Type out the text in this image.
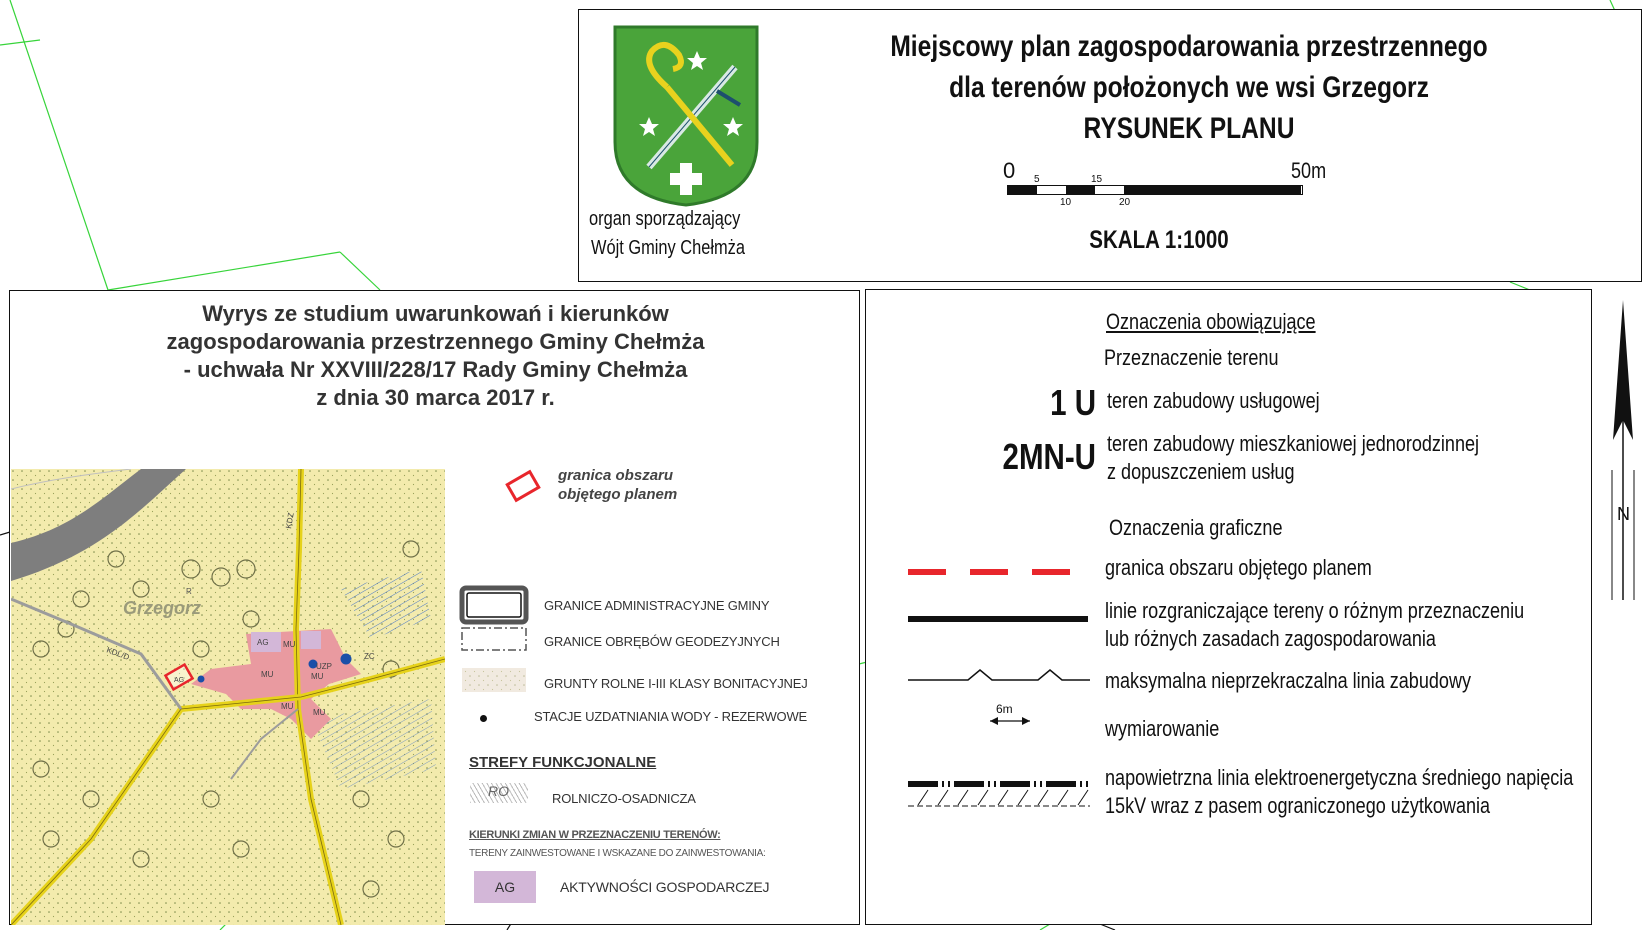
organ sporządzający
Wójt Gminy Chełmża
Miejscowy plan zagospodarowania przestrzennego
dla terenów położonych we wsi Grzegorz
RYSUNEK PLANU
0 5	15	50m
10	20
SKALA 1:1000
Wyrys ze studium uwarunkowań i kierunków
zagospodarowania przestrzennego Gminy Chełmża
- uchwała Nr XXVIII/228/17 Rady Gminy Chełmża
z dnia 30 marca 2017 r.
Grzegorz
KDL/D
KDZ
R
AG MU
MU
MU
MU
MU
UZP
ZC
AG
granica obszaru
objętego planem
GRANICE ADMINISTRACYJNE GMINY
GRANICE OBRĘBÓW GEODEZYJNYCH
GRUNTY ROLNE I-III KLASY BONITACYJNEJ
STACJE UZDATNIANIA WODY - REZERWOWE
STREFY FUNKCJONALNE
RO	ROLNICZO-OSADNICZA
KIERUNKI ZMIAN W PRZEZNACZENIU TERENÓW:
TERENY ZAINWESTOWANE I WSKAZANE DO ZAINWESTOWANIA:
AG	AKTYWNOŚCI GOSPODARCZEJ
Oznaczenia obowiązujące
Przeznaczenie terenu
1 U teren zabudowy usługowej
2MN-U teren zabudowy mieszkaniowej jednorodzinnej
z dopuszczeniem usług
Oznaczenia graficzne
granica obszaru objętego planem
linie rozgraniczające tereny o różnym przeznaczeniu
lub różnych zasadach zagospodarowania
maksymalna nieprzekraczalna linia zabudowy
6m
wymiarowanie
napowietrzna linia elektroenergetyczna średniego napięcia
15kV wraz z pasem ograniczonego użytkowania
N
